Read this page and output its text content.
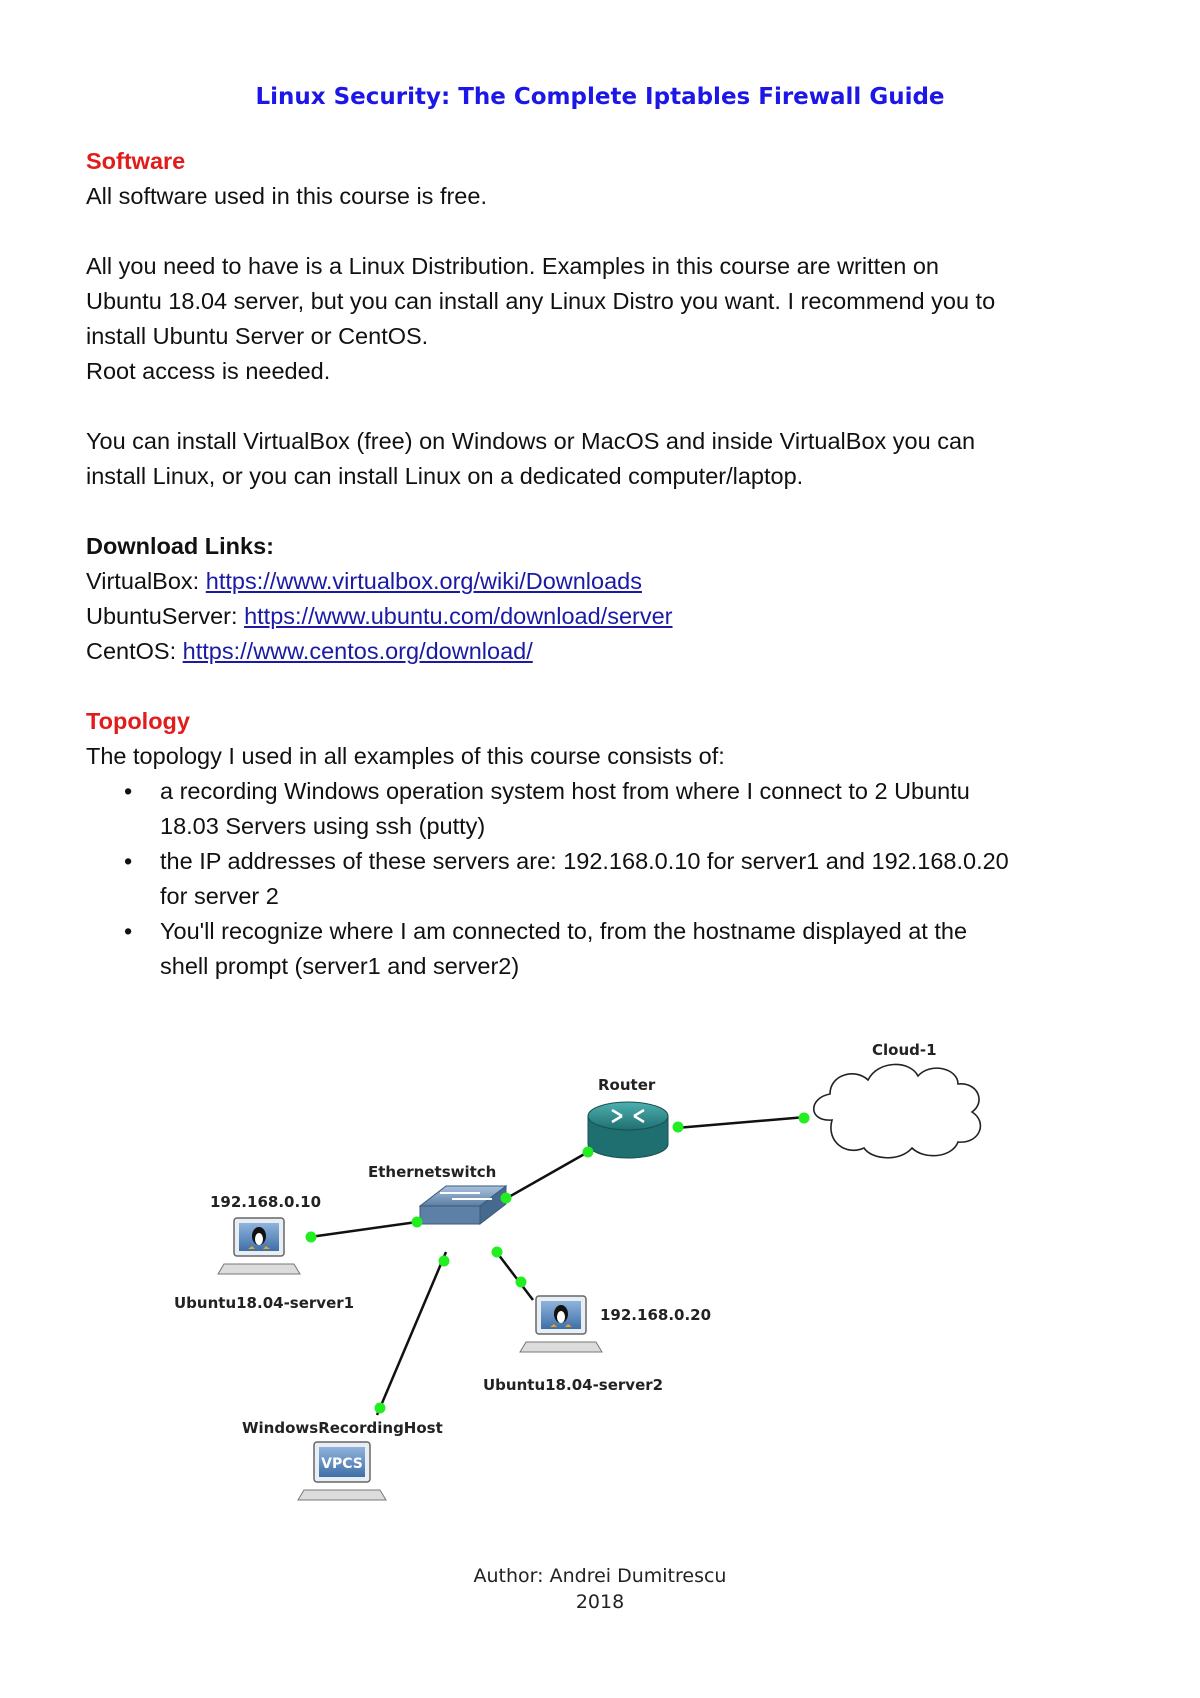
Linux Security: The Complete Iptables Firewall Guide
Software
All software used in this course is free.
All you need to have is a Linux Distribution. Examples in this course are written on
Ubuntu 18.04 server, but you can install any Linux Distro you want. I recommend you to
install Ubuntu Server or CentOS.
Root access is needed.
You can install VirtualBox (free) on Windows or MacOS and inside VirtualBox you can
install Linux, or you can install Linux on a dedicated computer/laptop.
Download Links:
VirtualBox: https://www.virtualbox.org/wiki/Downloads
UbuntuServer: https://www.ubuntu.com/download/server
CentOS: https://www.centos.org/download/
Topology
The topology I used in all examples of this course consists of:
• a recording Windows operation system host from where I connect to 2 Ubuntu
18.03 Servers using ssh (putty)
• the IP addresses of these servers are: 192.168.0.10 for server1 and 192.168.0.20
for server 2
• You'll recognize where I am connected to, from the hostname displayed at the
shell prompt (server1 and server2)
Cloud-1
Router
Ethernetswitch
192.168.0.10
Ubuntu18.04-server1
192.168.0.20
Ubuntu18.04-server2
VPCS
WindowsRecordingHost
Author: Andrei Dumitrescu
2018
